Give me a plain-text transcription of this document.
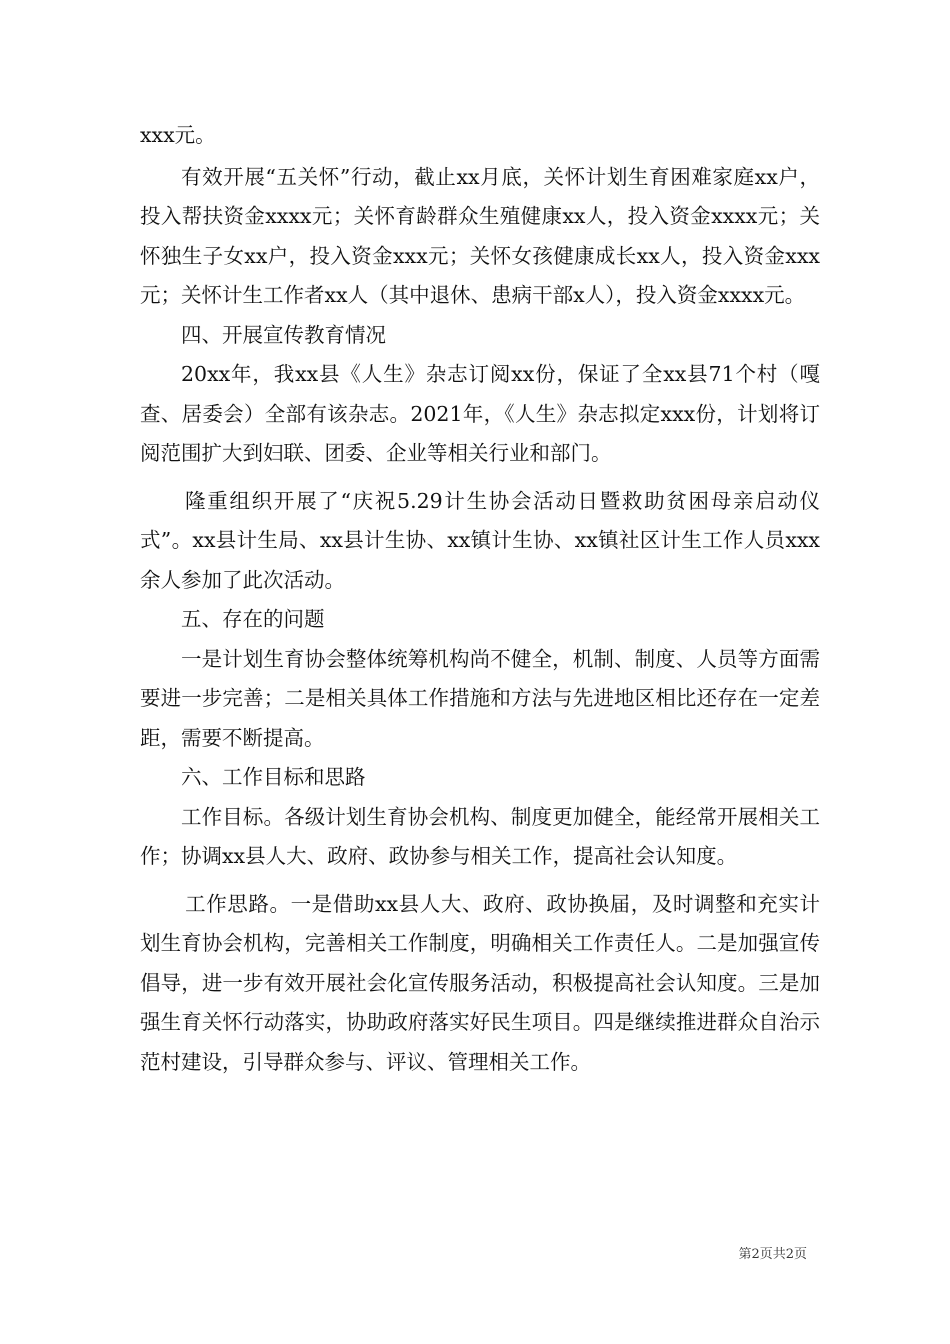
xxx元。

有效开展“五关怀”行动，截止xx月底，关怀计划生育困难家庭xx户，投入帮扶资金xxxx元；关怀育龄群众生殖健康xx人，投入资金xxxx元；关怀独生子女xx户，投入资金xxx元；关怀女孩健康成长xx人，投入资金xxx元；关怀计生工作者xx人（其中退休、患病干部x人），投入资金xxxx元。

四、开展宣传教育情况

20xx年，我xx县《人生》杂志订阅xx份，保证了全xx县71个村（嘎查、居委会）全部有该杂志。2021年，《人生》杂志拟定xxx份，计划将订阅范围扩大到妇联、团委、企业等相关行业和部门。

隆重组织开展了“庆祝5.29计生协会活动日暨救助贫困母亲启动仪式”。xx县计生局、xx县计生协、xx镇计生协、xx镇社区计生工作人员xxx余人参加了此次活动。

五、存在的问题

一是计划生育协会整体统筹机构尚不健全，机制、制度、人员等方面需要进一步完善；二是相关具体工作措施和方法与先进地区相比还存在一定差距，需要不断提高。

六、工作目标和思路

工作目标。各级计划生育协会机构、制度更加健全，能经常开展相关工作；协调xx县人大、政府、政协参与相关工作，提高社会认知度。

工作思路。一是借助xx县人大、政府、政协换届，及时调整和充实计划生育协会机构，完善相关工作制度，明确相关工作责任人。二是加强宣传倡导，进一步有效开展社会化宣传服务活动，积极提高社会认知度。三是加强生育关怀行动落实，协助政府落实好民生项目。四是继续推进群众自治示范村建设，引导群众参与、评议、管理相关工作。

第2页共2页
